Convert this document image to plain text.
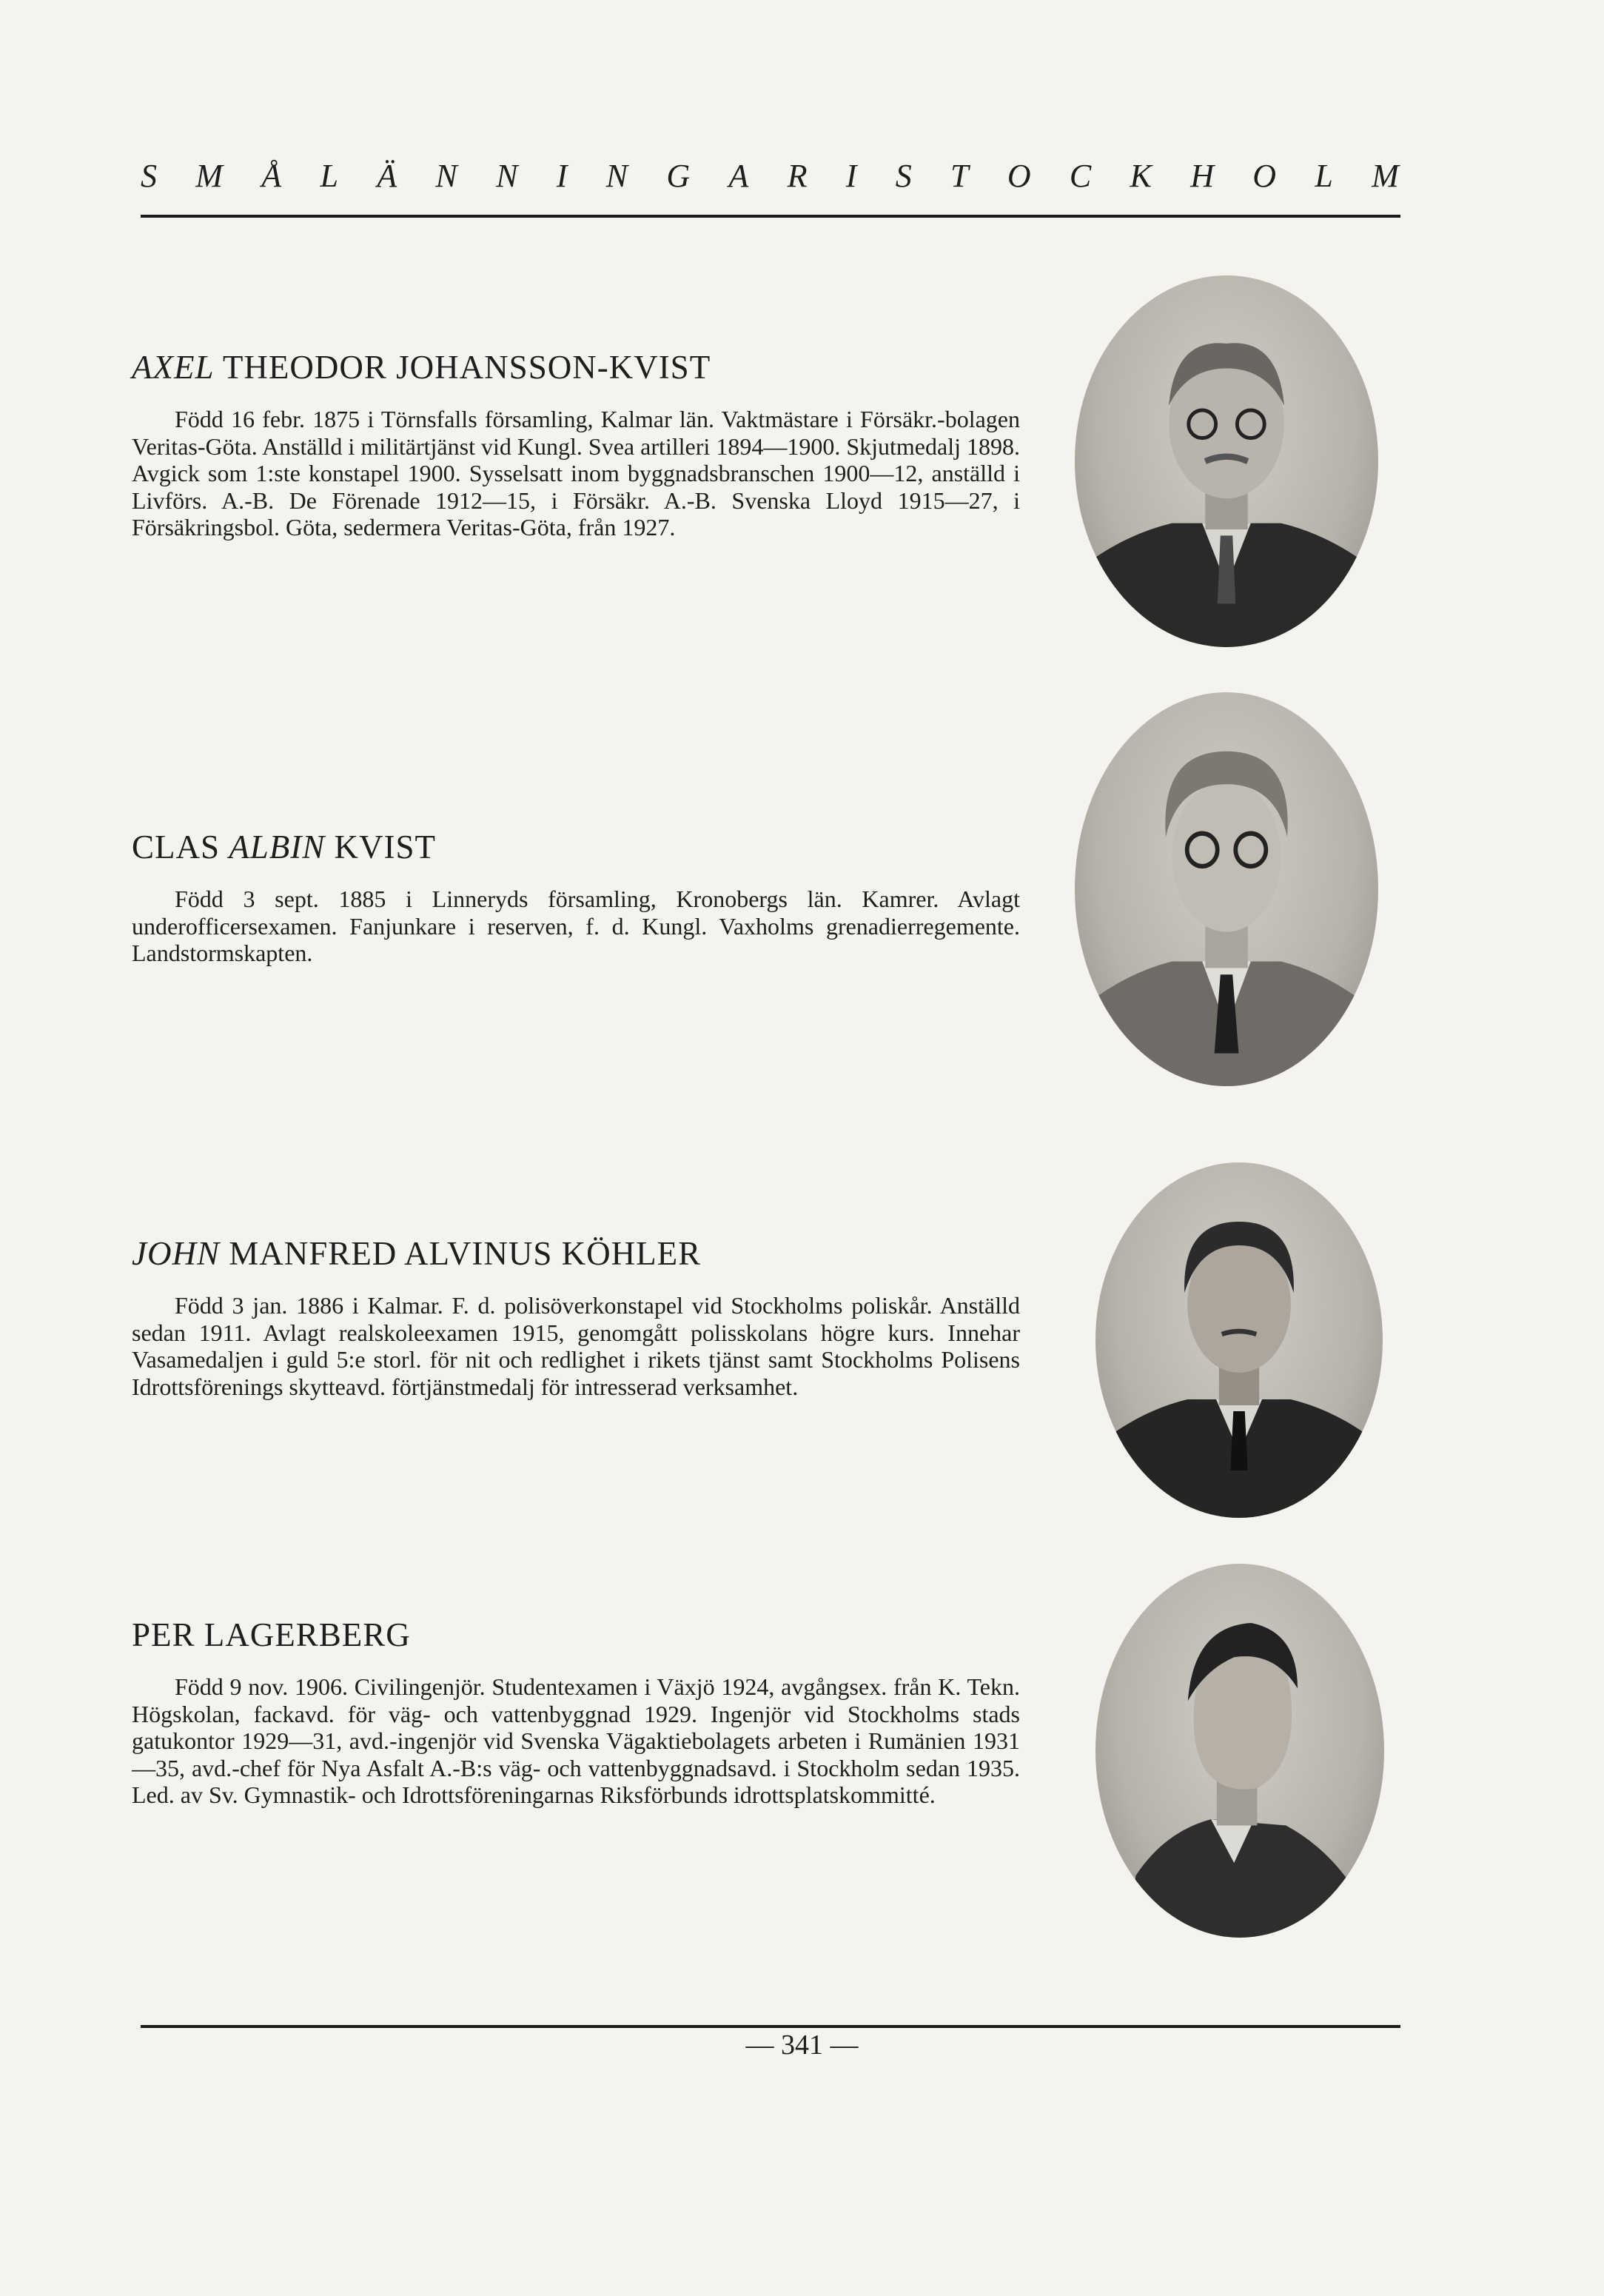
S M Å L Ä N N I N G A R I S T O C K H O L M
AXEL THEODOR JOHANSSON-KVIST

Född 16 febr. 1875 i Törnsfalls församling, Kalmar län. Vaktmästare i Försäkr.-bolagen Veritas-Göta. Anställd i militärtjänst vid Kungl. Svea artilleri 1894—1900. Skjutmedalj 1898. Avgick som 1:ste konstapel 1900. Sysselsatt inom byggnadsbranschen 1900—12, anställd i Livförs. A.-B. De Förenade 1912—15, i Försäkr. A.-B. Svenska Lloyd 1915—27, i Försäkringsbol. Göta, sedermera Veritas-Göta, från 1927.

CLAS ALBIN KVIST

Född 3 sept. 1885 i Linneryds församling, Kronobergs län. Kamrer. Avlagt underofficersexamen. Fanjunkare i reserven, f. d. Kungl. Vaxholms grenadierregemente. Landstormskapten.

JOHN MANFRED ALVINUS KÖHLER

Född 3 jan. 1886 i Kalmar. F. d. polisöverkonstapel vid Stockholms poliskår. Anställd sedan 1911. Avlagt realskoleexamen 1915, genomgått polisskolans högre kurs. Innehar Vasamedaljen i guld 5:e storl. för nit och redlighet i rikets tjänst samt Stockholms Polisens Idrottsförenings skytteavd. förtjänstmedalj för intresserad verksamhet.

PER LAGERBERG

Född 9 nov. 1906. Civilingenjör. Studentexamen i Växjö 1924, avgångsex. från K. Tekn. Högskolan, fackavd. för väg- och vattenbyggnad 1929. Ingenjör vid Stockholms stads gatukontor 1929—31, avd.-ingenjör vid Svenska Vägaktiebolagets arbeten i Rumänien 1931—35, avd.-chef för Nya Asfalt A.-B:s väg- och vattenbyggnadsavd. i Stockholm sedan 1935. Led. av Sv. Gymnastik- och Idrottsföreningarnas Riksförbunds idrottsplatskommitté.

— 341 —
